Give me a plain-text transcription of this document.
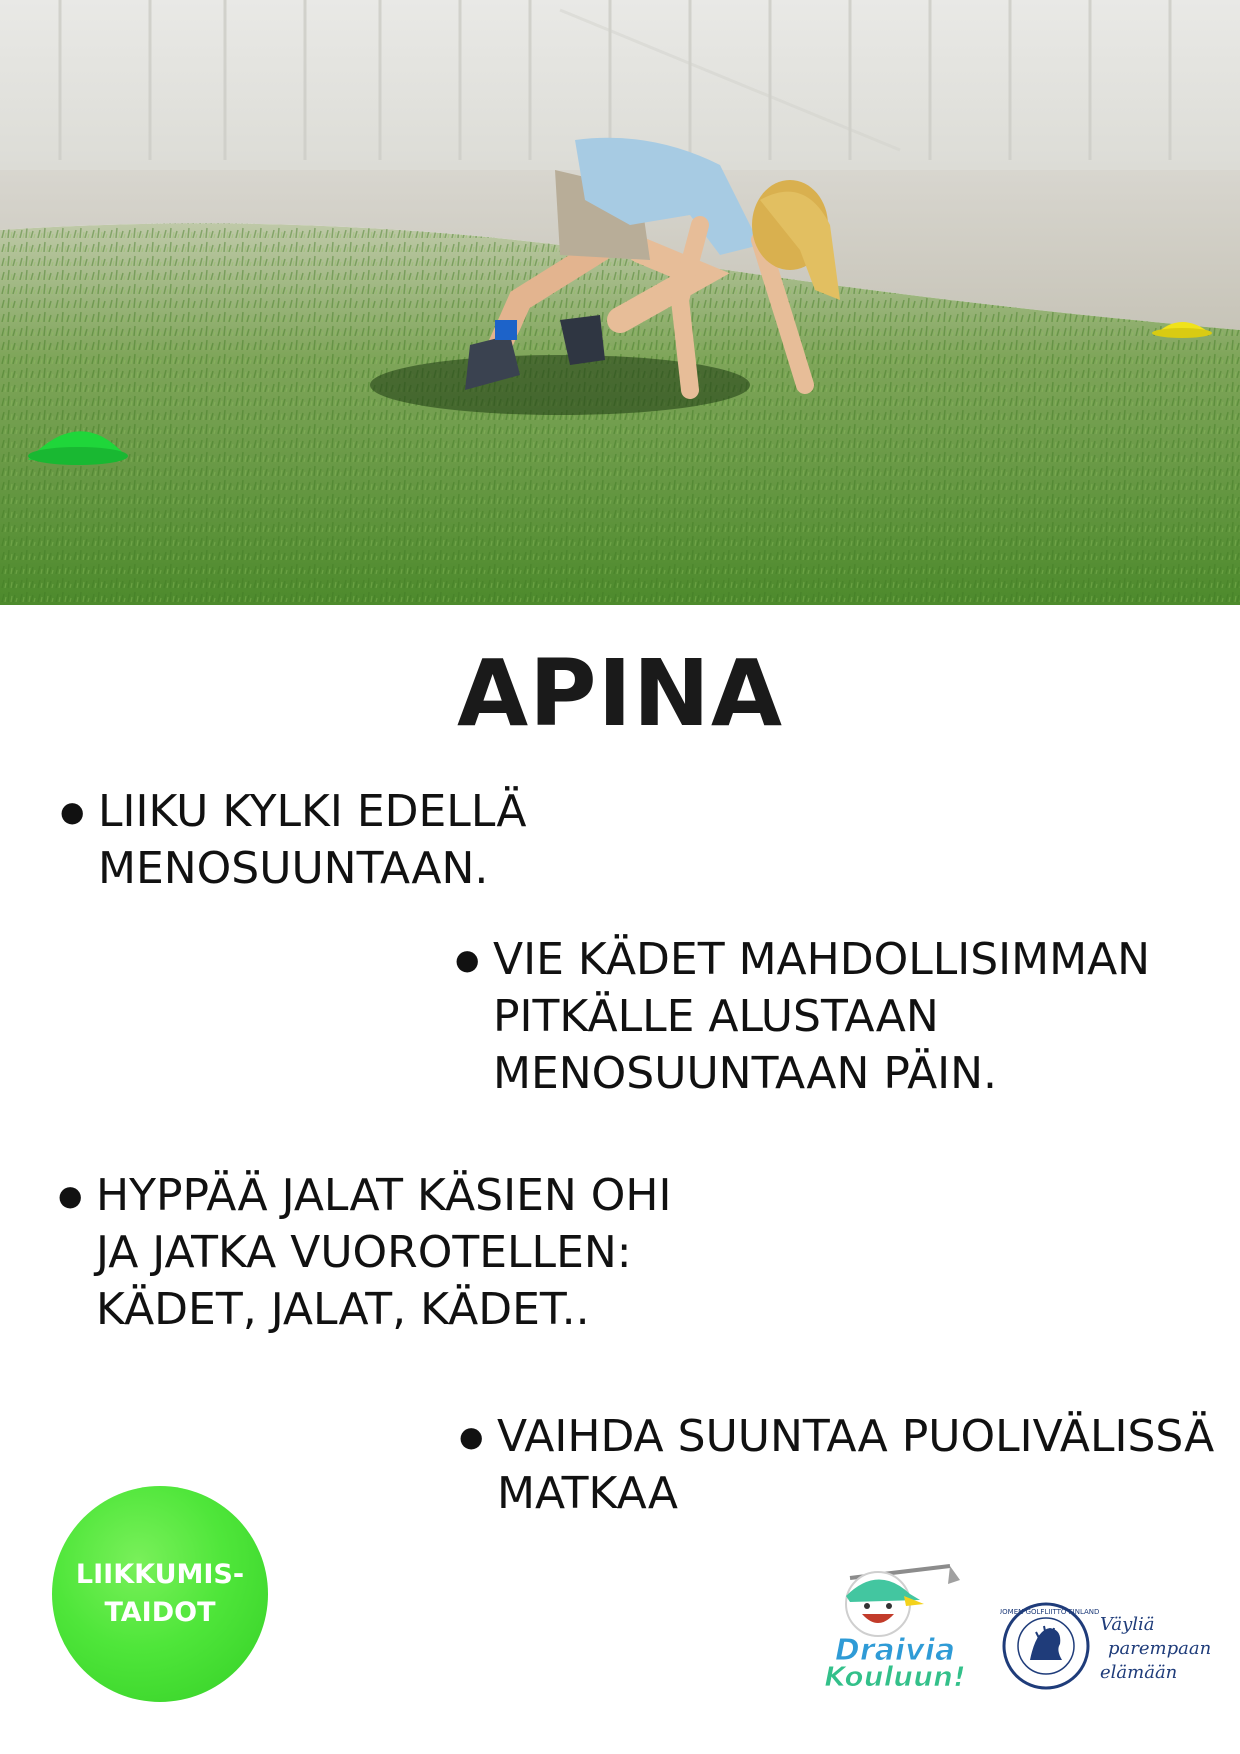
APINA
● LIIKU KYLKI EDELLÄ
MENOSUUNTAAN.
● VIE KÄDET MAHDOLLISIMMAN
PITKÄLLE ALUSTAAN
MENOSUUNTAAN PÄIN.
● HYPPÄÄ JALAT KÄSIEN OHI
JA JATKA VUOROTELLEN:
KÄDET, JALAT, KÄDET..
● VAIHDA SUUNTAA PUOLIVÄLISSÄ
MATKAA
LIIKKUMIS-
TAIDOT
Draivia
Kouluun!
SUOMEN GOLFLIITTO FINLAND
Väyliä
parempaan
elämään
